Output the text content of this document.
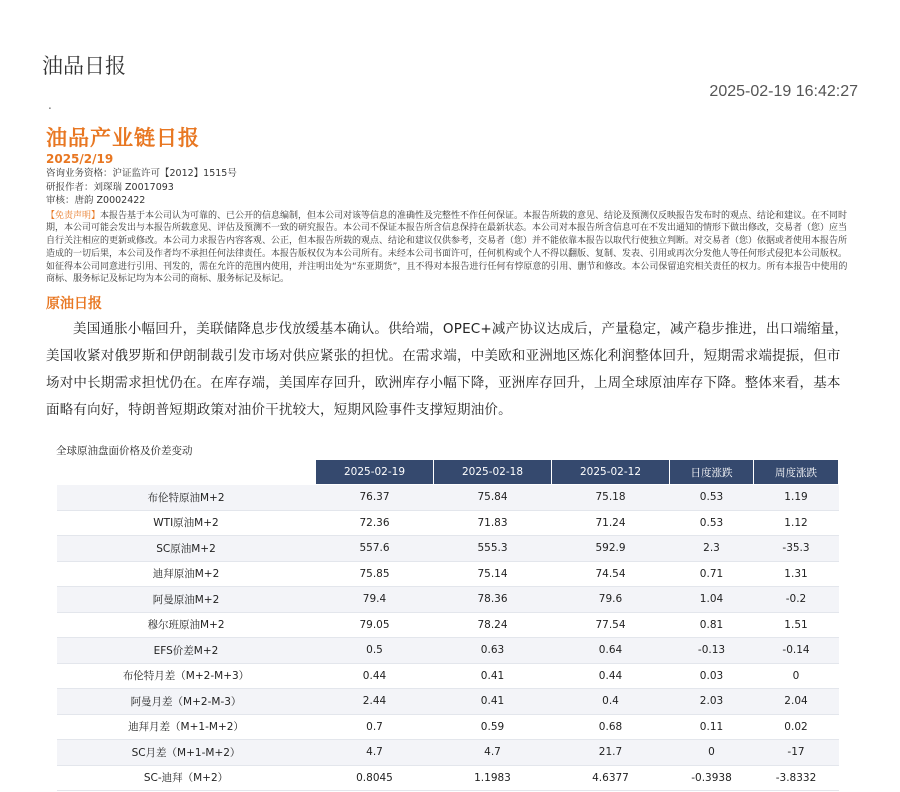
油品日报
2025-02-19 16:42:27
.
油品产业链日报
2025/2/19
咨询业务资格：沪证监许可【2012】1515号
研报作者：刘琛瑞 Z0017093
审核：唐韵 Z0002422
【免责声明】本报告基于本公司认为可靠的、已公开的信息编制，但本公司对该等信息的准确性及完整性不作任何保证。本报告所载的意见、结论及预测仅反映报告发布时的观点、结论和建议。在不同时期，本公司可能会发出与本报告所载意见、评估及预测不一致的研究报告。本公司不保证本报告所含信息保持在最新状态。本公司对本报告所含信息可在不发出通知的情形下做出修改，交易者（您）应当自行关注相应的更新或修改。本公司力求报告内容客观、公正，但本报告所载的观点、结论和建议仅供参考，交易者（您）并不能依靠本报告以取代行使独立判断。对交易者（您）依据或者使用本报告所造成的一切后果，本公司及作者均不承担任何法律责任。本报告版权仅为本公司所有。未经本公司书面许可，任何机构或个人不得以翻版、复制、发表、引用或再次分发他人等任何形式侵犯本公司版权。如征得本公司同意进行引用、刊发的，需在允许的范围内使用，并注明出处为“东亚期货”，且不得对本报告进行任何有悖原意的引用、删节和修改。本公司保留追究相关责任的权力。所有本报告中使用的商标、服务标记及标记均为本公司的商标、服务标记及标记。
原油日报

美国通胀小幅回升，美联储降息步伐放缓基本确认。供给端，OPEC+减产协议达成后，产量稳定，减产稳步推进，出口端缩量，美国收紧对俄罗斯和伊朗制裁引发市场对供应紧张的担忧。在需求端，中美欧和亚洲地区炼化利润整体回升，短期需求端提振，但市场对中长期需求担忧仍在。在库存端，美国库存回升，欧洲库存小幅下降，亚洲库存回升，上周全球原油库存下降。整体来看，基本面略有向好，特朗普短期政策对油价干扰较大，短期风险事件支撑短期油价。

全球原油盘面价格及价差变动
	2025-02-19	2025-02-18	2025-02-12	日度涨跌	周度涨跌
布伦特原油M+2	76.37	75.84	75.18	0.53	1.19
WTI原油M+2	72.36	71.83	71.24	0.53	1.12
SC原油M+2	557.6	555.3	592.9	2.3	-35.3
迪拜原油M+2	75.85	75.14	74.54	0.71	1.31
阿曼原油M+2	79.4	78.36	79.6	1.04	-0.2
穆尔班原油M+2	79.05	78.24	77.54	0.81	1.51
EFS价差M+2	0.5	0.63	0.64	-0.13	-0.14
布伦特月差（M+2-M+3）	0.44	0.41	0.44	0.03	0
阿曼月差（M+2-M-3）	2.44	0.41	0.4	2.03	2.04
迪拜月差（M+1-M+2）	0.7	0.59	0.68	0.11	0.02
SC月差（M+1-M+2）	4.7	4.7	21.7	0	-17
SC-迪拜（M+2）	0.8045	1.1983	4.6377	-0.3938	-3.8332
